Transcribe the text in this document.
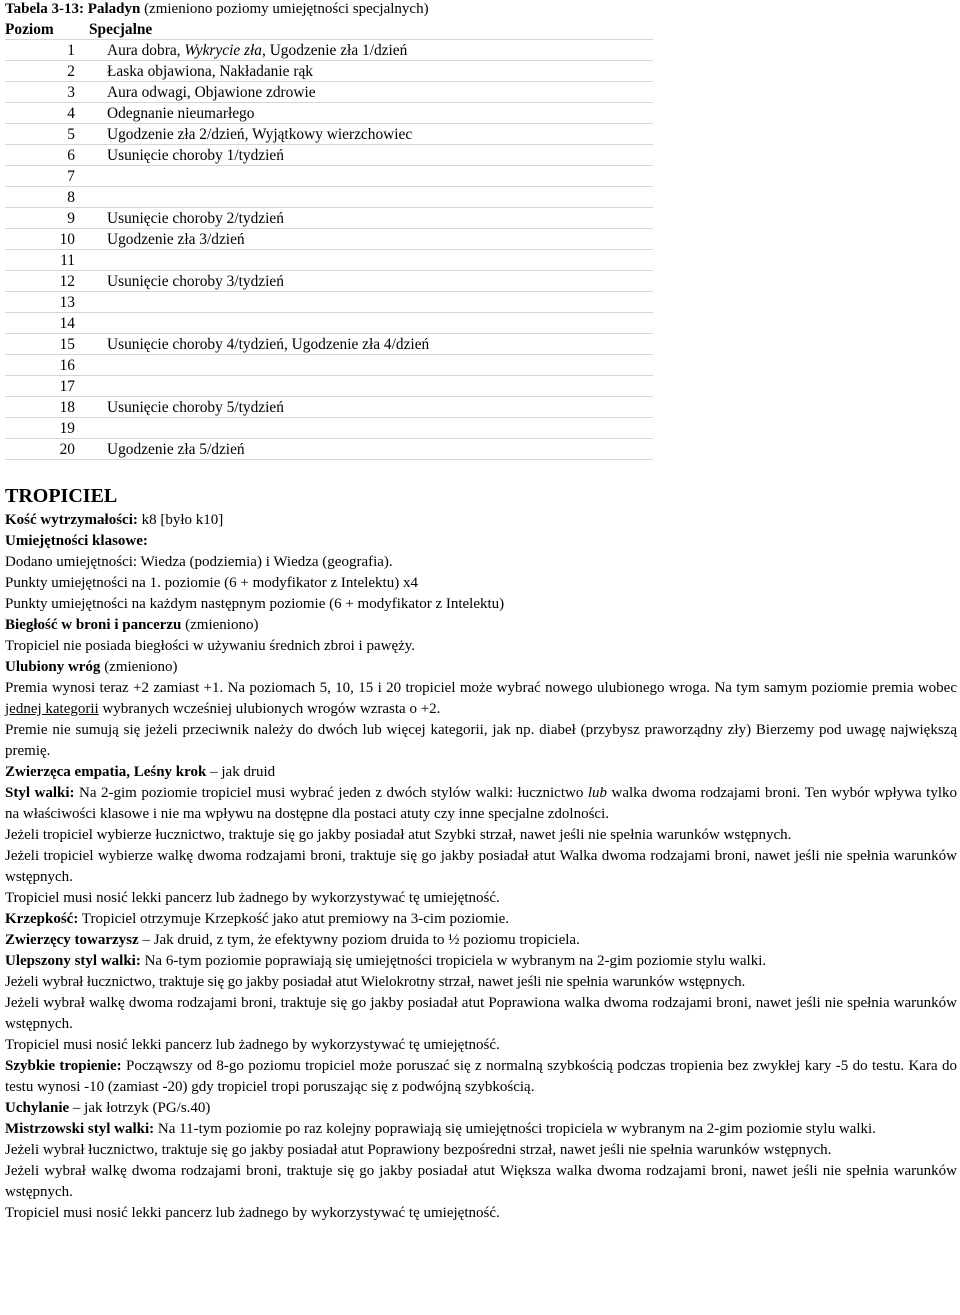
Tabela 3-13: Paladyn (zmieniono poziomy umiejętności specjalnych)
Poziom	Specjalne
1	Aura dobra, Wykrycie zła, Ugodzenie zła 1/dzień
2	Łaska objawiona, Nakładanie rąk
3	Aura odwagi, Objawione zdrowie
4	Odegnanie nieumarłego
5	Ugodzenie zła 2/dzień, Wyjątkowy wierzchowiec
6	Usunięcie choroby 1/tydzień
7	
8	
9	Usunięcie choroby 2/tydzień
10	Ugodzenie zła 3/dzień
11	
12	Usunięcie choroby 3/tydzień
13	
14	
15	Usunięcie choroby 4/tydzień, Ugodzenie zła 4/dzień
16	
17	
18	Usunięcie choroby 5/tydzień
19	
20	Ugodzenie zła 5/dzień

TROPICIEL

Kość wytrzymałości: k8 [było k10]

Umiejętności klasowe:

Dodano umiejętności: Wiedza (podziemia) i Wiedza (geografia).

Punkty umiejętności na 1. poziomie (6 + modyfikator z Intelektu) x4

Punkty umiejętności na każdym następnym poziomie (6 + modyfikator z Intelektu)

Biegłość w broni i pancerzu (zmieniono)

Tropiciel nie posiada biegłości w używaniu średnich zbroi i pawęży.

Ulubiony wróg (zmieniono)

Premia wynosi teraz +2 zamiast +1. Na poziomach 5, 10, 15 i 20 tropiciel może wybrać nowego ulubionego wroga. Na tym samym poziomie premia wobec jednej kategorii wybranych wcześniej ulubionych wrogów wzrasta o +2.

Premie nie sumują się jeżeli przeciwnik należy do dwóch lub więcej kategorii, jak np. diabeł (przybysz praworządny zły) Bierzemy pod uwagę największą premię.

Zwierzęca empatia, Leśny krok – jak druid

Styl walki: Na 2-gim poziomie tropiciel musi wybrać jeden z dwóch stylów walki: łucznictwo lub walka dwoma rodzajami broni. Ten wybór wpływa tylko na właściwości klasowe i nie ma wpływu na dostępne dla postaci atuty czy inne specjalne zdolności.

Jeżeli tropiciel wybierze łucznictwo, traktuje się go jakby posiadał atut Szybki strzał, nawet jeśli nie spełnia warunków wstępnych.

Jeżeli tropiciel wybierze walkę dwoma rodzajami broni, traktuje się go jakby posiadał atut Walka dwoma rodzajami broni, nawet jeśli nie spełnia warunków wstępnych.

Tropiciel musi nosić lekki pancerz lub żadnego by wykorzystywać tę umiejętność.

Krzepkość: Tropiciel otrzymuje Krzepkość jako atut premiowy na 3-cim poziomie.

Zwierzęcy towarzysz – Jak druid, z tym, że efektywny poziom druida to ½ poziomu tropiciela.

Ulepszony styl walki: Na 6-tym poziomie poprawiają się umiejętności tropiciela w wybranym na 2-gim poziomie stylu walki.

Jeżeli wybrał łucznictwo, traktuje się go jakby posiadał atut Wielokrotny strzał, nawet jeśli nie spełnia warunków wstępnych.

Jeżeli wybrał walkę dwoma rodzajami broni, traktuje się go jakby posiadał atut Poprawiona walka dwoma rodzajami broni, nawet jeśli nie spełnia warunków wstępnych.

Tropiciel musi nosić lekki pancerz lub żadnego by wykorzystywać tę umiejętność.

Szybkie tropienie: Począwszy od 8-go poziomu tropiciel może poruszać się z normalną szybkością podczas tropienia bez zwykłej kary -5 do testu. Kara do testu wynosi -10 (zamiast -20) gdy tropiciel tropi poruszając się z podwójną szybkością.

Uchylanie – jak łotrzyk (PG/s.40)

Mistrzowski styl walki: Na 11-tym poziomie po raz kolejny poprawiają się umiejętności tropiciela w wybranym na 2-gim poziomie stylu walki.

Jeżeli wybrał łucznictwo, traktuje się go jakby posiadał atut Poprawiony bezpośredni strzał, nawet jeśli nie spełnia warunków wstępnych.

Jeżeli wybrał walkę dwoma rodzajami broni, traktuje się go jakby posiadał atut Większa walka dwoma rodzajami broni, nawet jeśli nie spełnia warunków wstępnych.

Tropiciel musi nosić lekki pancerz lub żadnego by wykorzystywać tę umiejętność.
